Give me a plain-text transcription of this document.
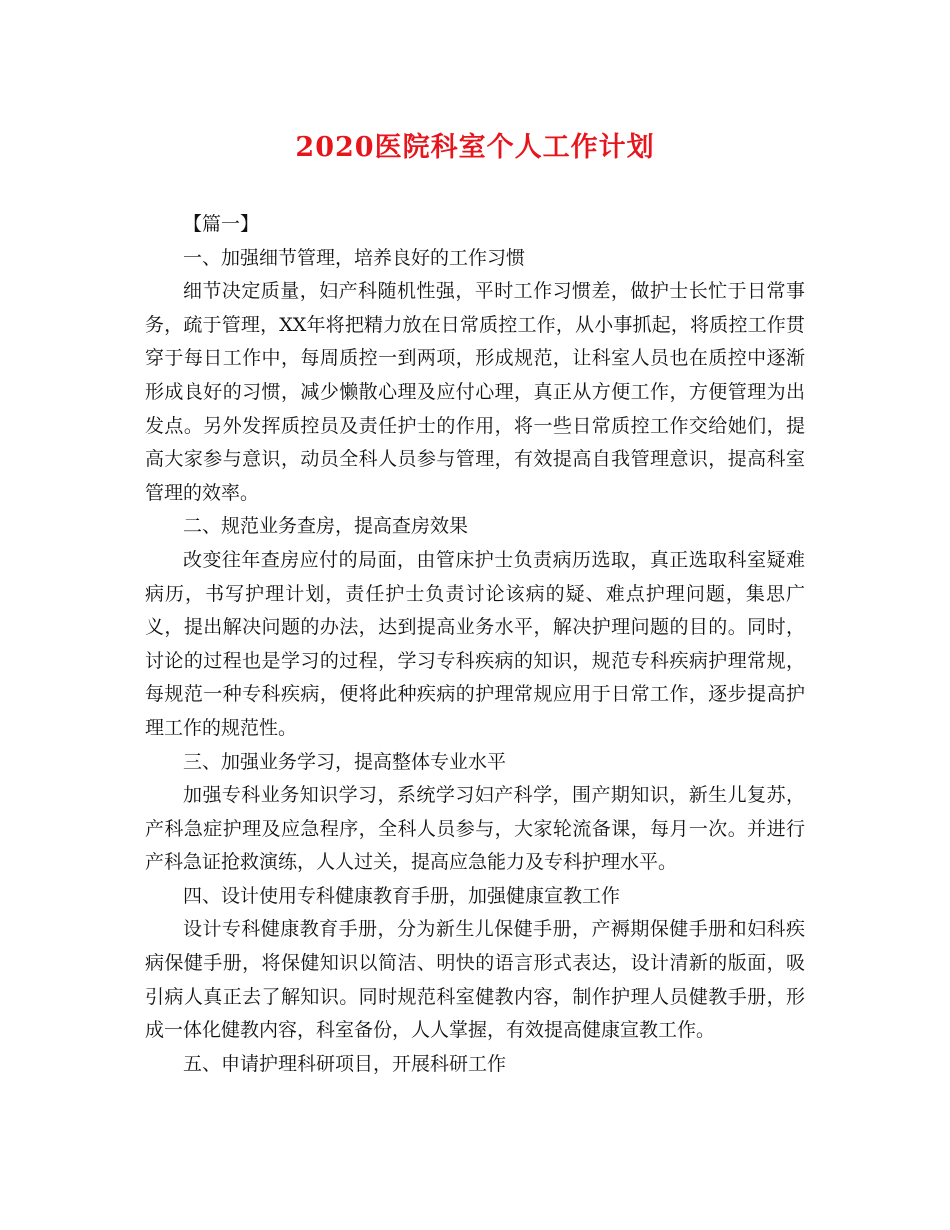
2020医院科室个人工作计划

【篇一】

一、加强细节管理，培养良好的工作习惯

细节决定质量，妇产科随机性强，平时工作习惯差，做护士长忙于日常事务，疏于管理，XX年将把精力放在日常质控工作，从小事抓起，将质控工作贯穿于每日工作中，每周质控一到两项，形成规范，让科室人员也在质控中逐渐形成良好的习惯，减少懒散心理及应付心理，真正从方便工作，方便管理为出发点。另外发挥质控员及责任护士的作用，将一些日常质控工作交给她们，提高大家参与意识，动员全科人员参与管理，有效提高自我管理意识，提高科室管理的效率。

二、规范业务查房，提高查房效果

改变往年查房应付的局面，由管床护士负责病历选取，真正选取科室疑难病历，书写护理计划，责任护士负责讨论该病的疑、难点护理问题，集思广义，提出解决问题的办法，达到提高业务水平，解决护理问题的目的。同时，讨论的过程也是学习的过程，学习专科疾病的知识，规范专科疾病护理常规，每规范一种专科疾病，便将此种疾病的护理常规应用于日常工作，逐步提高护理工作的规范性。

三、加强业务学习，提高整体专业水平

加强专科业务知识学习，系统学习妇产科学，围产期知识，新生儿复苏，产科急症护理及应急程序，全科人员参与，大家轮流备课，每月一次。并进行产科急证抢救演练，人人过关，提高应急能力及专科护理水平。

四、设计使用专科健康教育手册，加强健康宣教工作

设计专科健康教育手册，分为新生儿保健手册，产褥期保健手册和妇科疾病保健手册，将保健知识以简洁、明快的语言形式表达，设计清新的版面，吸引病人真正去了解知识。同时规范科室健教内容，制作护理人员健教手册，形成一体化健教内容，科室备份，人人掌握，有效提高健康宣教工作。

五、申请护理科研项目，开展科研工作
